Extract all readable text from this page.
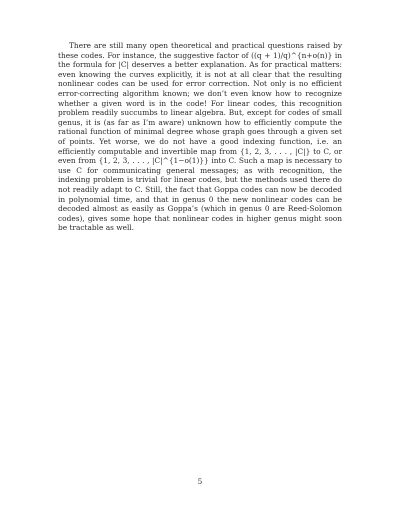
There are still many open theoretical and practical questions raised by these codes. For instance, the suggestive factor of ((q + 1)/q)^{n+o(n)} in the formula for |C| deserves a better explanation. As for practical matters: even knowing the curves explicitly, it is not at all clear that the resulting nonlinear codes can be used for error correction. Not only is no efficient error-correcting algorithm known; we don’t even know how to recognize whether a given word is in the code! For linear codes, this recognition problem readily succumbs to linear algebra. But, except for codes of small genus, it is (as far as I’m aware) unknown how to efficiently compute the rational function of minimal degree whose graph goes through a given set of points. Yet worse, we do not have a good indexing function, i.e. an efficiently computable and invertible map from {1, 2, 3, . . . , |C|} to C, or even from {1, 2, 3, . . . , |C|^{1−o(1)}} into C. Such a map is necessary to use C for communicating general messages; as with recognition, the indexing problem is trivial for linear codes, but the methods used there do not readily adapt to C. Still, the fact that Goppa codes can now be decoded in polynomial time, and that in genus 0 the new nonlinear codes can be decoded almost as easily as Goppa’s (which in genus 0 are Reed-Solomon codes), gives some hope that nonlinear codes in higher genus might soon be tractable as well.

5
